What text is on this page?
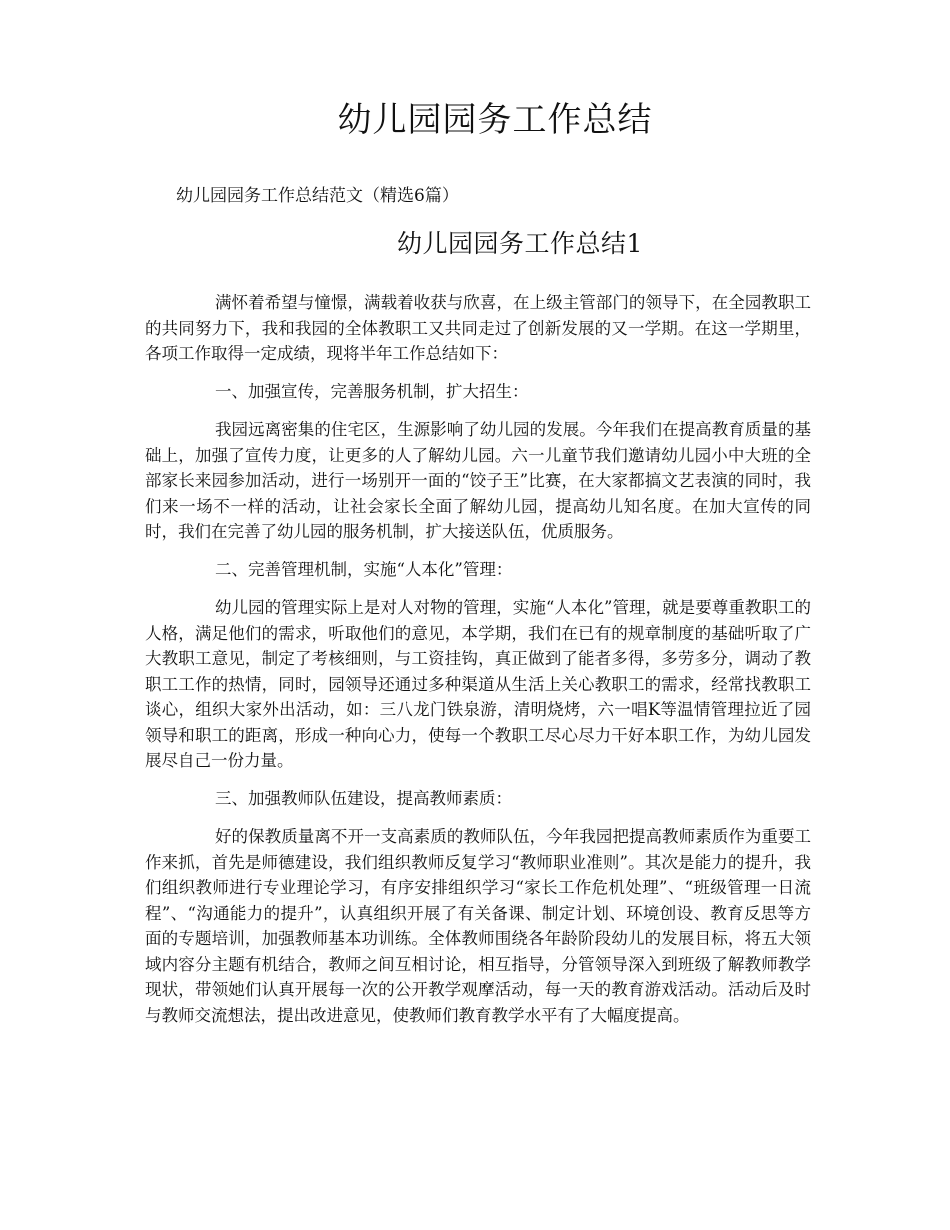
幼儿园园务工作总结
幼儿园园务工作总结范文（精选6篇）
幼儿园园务工作总结1

满怀着希望与憧憬，满载着收获与欣喜，在上级主管部门的领导下，在全园教职工的共同努力下，我和我园的全体教职工又共同走过了创新发展的又一学期。在这一学期里，各项工作取得一定成绩，现将半年工作总结如下：

一、加强宣传，完善服务机制，扩大招生：

我园远离密集的住宅区，生源影响了幼儿园的发展。今年我们在提高教育质量的基础上，加强了宣传力度，让更多的人了解幼儿园。六一儿童节我们邀请幼儿园小中大班的全部家长来园参加活动，进行一场别开一面的“饺子王”比赛，在大家都搞文艺表演的同时，我们来一场不一样的活动，让社会家长全面了解幼儿园，提高幼儿知名度。在加大宣传的同时，我们在完善了幼儿园的服务机制，扩大接送队伍，优质服务。

二、完善管理机制，实施“人本化”管理：

幼儿园的管理实际上是对人对物的管理，实施“人本化”管理，就是要尊重教职工的人格，满足他们的需求，听取他们的意见，本学期，我们在已有的规章制度的基础听取了广大教职工意见，制定了考核细则，与工资挂钩，真正做到了能者多得，多劳多分，调动了教职工工作的热情，同时，园领导还通过多种渠道从生活上关心教职工的需求，经常找教职工谈心，组织大家外出活动，如：三八龙门铁泉游，清明烧烤，六一唱K等温情管理拉近了园领导和职工的距离，形成一种向心力，使每一个教职工尽心尽力干好本职工作，为幼儿园发展尽自己一份力量。

三、加强教师队伍建设，提高教师素质：

好的保教质量离不开一支高素质的教师队伍，今年我园把提高教师素质作为重要工作来抓，首先是师德建设，我们组织教师反复学习“教师职业准则”。其次是能力的提升，我们组织教师进行专业理论学习，有序安排组织学习“家长工作危机处理”、“班级管理一日流程”、“沟通能力的提升”，认真组织开展了有关备课、制定计划、环境创设、教育反思等方面的专题培训，加强教师基本功训练。全体教师围绕各年龄阶段幼儿的发展目标，将五大领域内容分主题有机结合，教师之间互相讨论，相互指导，分管领导深入到班级了解教师教学现状，带领她们认真开展每一次的公开教学观摩活动，每一天的教育游戏活动。活动后及时与教师交流想法，提出改进意见，使教师们教育教学水平有了大幅度提高。
